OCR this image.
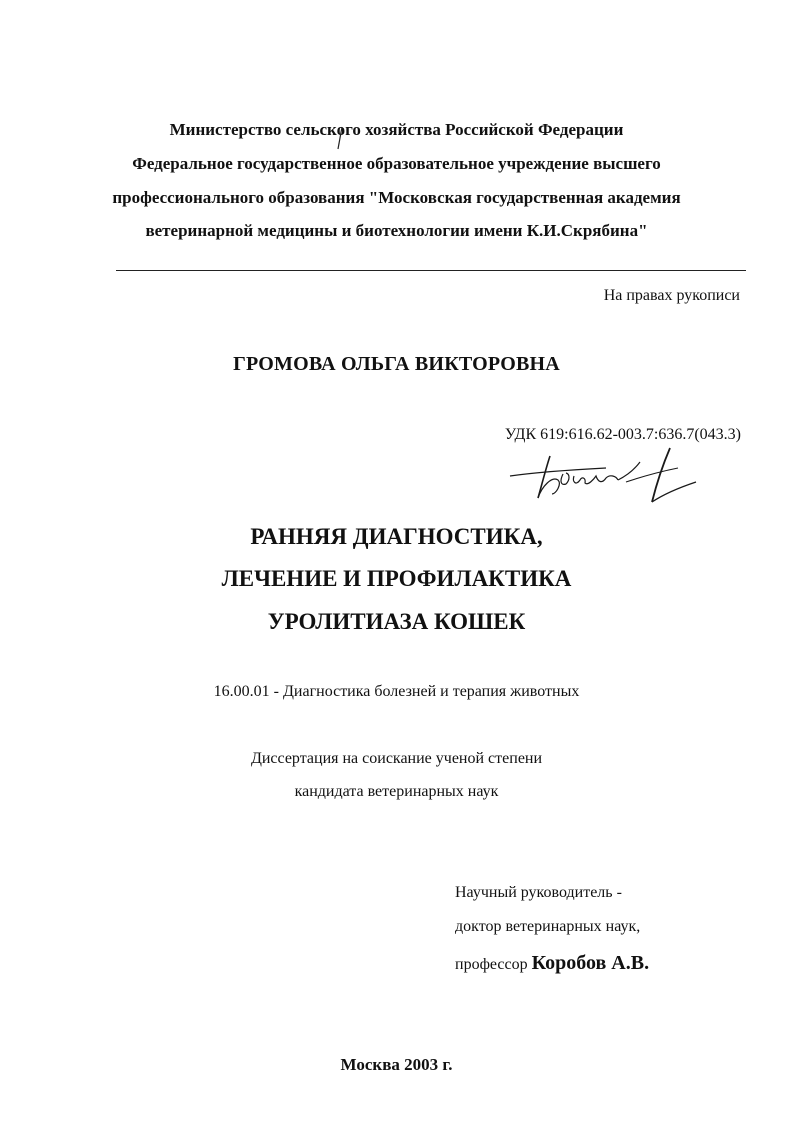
Министерство сельского хозяйства Российской Федерации
Федеральное государственное образовательное учреждение высшего
профессионального образования "Московская государственная академия
ветеринарной медицины и биотехнологии имени К.И.Скрябина"
На правах рукописи
ГРОМОВА ОЛЬГА ВИКТОРОВНА
УДК 619:616.62-003.7:636.7(043.3)
РАННЯЯ ДИАГНОСТИКА,
ЛЕЧЕНИЕ И ПРОФИЛАКТИКА
УРОЛИТИАЗА КОШЕК
16.00.01 - Диагностика болезней и терапия животных
Диссертация на соискание ученой степени
кандидата ветеринарных наук
Научный руководитель -
доктор ветеринарных наук,
профессор Коробов А.В.
Москва 2003 г.
